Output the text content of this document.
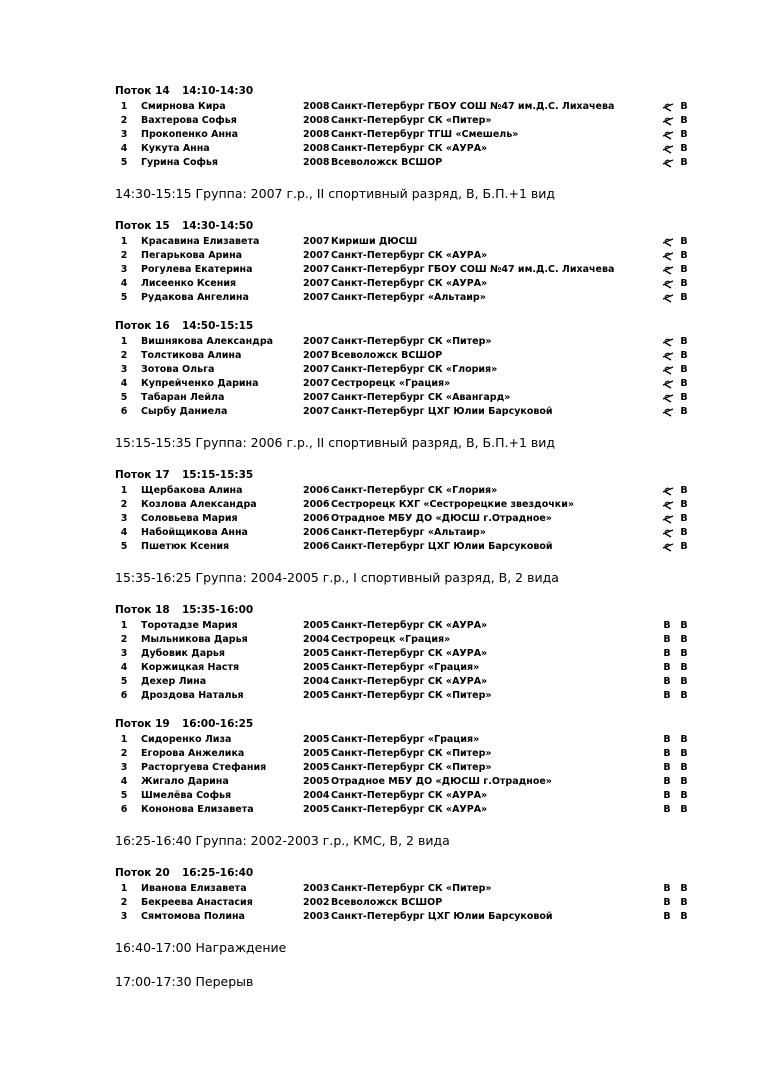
Поток 14 14:10-14:30
1 Смирнова Кира	2008 Санкт-Петербург ГБОУ СОШ №47 им.Д.С. Лихачева	В
2 Вахтерова Софья	2008 Санкт-Петербург СК «Питер»	В
3 Прокопенко Анна	2008 Санкт-Петербург ТГШ «Смешель»	В
4 Кукута Анна	2008 Санкт-Петербург СК «АУРА»	В
5 Гурина Софья	2008 Всеволожск ВСШОР	В
14:30-15:15 Группа: 2007 г.р., II спортивный разряд, В, Б.П.+1 вид
Поток 15 14:30-14:50
1 Красавина Елизавета	2007 Кириши ДЮСШ	В
2 Пегарькова Арина	2007 Санкт-Петербург СК «АУРА»	В
3 Рогулева Екатерина	2007 Санкт-Петербург ГБОУ СОШ №47 им.Д.С. Лихачева	В
4 Лисеенко Ксения	2007 Санкт-Петербург СК «АУРА»	В
5 Рудакова Ангелина	2007 Санкт-Петербург «Альтаир»	В
Поток 16 14:50-15:15
1 Вишнякова Александра	2007 Санкт-Петербург СК «Питер»	В
2 Толстикова Алина	2007 Всеволожск ВСШОР	В
3 Зотова Ольга	2007 Санкт-Петербург СК «Глория»	В
4 Купрейченко Дарина	2007 Сестрорецк «Грация»	В
5 Табаран Лейла	2007 Санкт-Петербург СК «Авангард»	В
6 Сырбу Даниела	2007 Санкт-Петербург ЦХГ Юлии Барсуковой	В
15:15-15:35 Группа: 2006 г.р., II спортивный разряд, В, Б.П.+1 вид
Поток 17 15:15-15:35
1 Щербакова Алина	2006 Санкт-Петербург СК «Глория»	В
2 Козлова Александра	2006 Сестрорецк КХГ «Сестрорецкие звездочки»	В
3 Соловьева Мария	2006 Отрадное МБУ ДО «ДЮСШ г.Отрадное»	В
4 Набойщикова Анна	2006 Санкт-Петербург «Альтаир»	В
5 Пшетюк Ксения	2006 Санкт-Петербург ЦХГ Юлии Барсуковой	В
15:35-16:25 Группа: 2004-2005 г.р., I спортивный разряд, В, 2 вида
Поток 18 15:35-16:00
1 Торотадзе Мария	2005 Санкт-Петербург СК «АУРА»	В В
2 Мыльникова Дарья	2004 Сестрорецк «Грация»	В В
3 Дубовик Дарья	2005 Санкт-Петербург СК «АУРА»	В В
4 Коржицкая Настя	2005 Санкт-Петербург «Грация»	В В
5 Дехер Лина	2004 Санкт-Петербург СК «АУРА»	В В
6 Дроздова Наталья	2005 Санкт-Петербург СК «Питер»	В В
Поток 19 16:00-16:25
1 Сидоренко Лиза	2005 Санкт-Петербург «Грация»	В В
2 Егорова Анжелика	2005 Санкт-Петербург СК «Питер»	В В
3 Расторгуева Стефания	2005 Санкт-Петербург СК «Питер»	В В
4 Жигало Дарина	2005 Отрадное МБУ ДО «ДЮСШ г.Отрадное»	В В
5 Шмелёва Софья	2004 Санкт-Петербург СК «АУРА»	В В
6 Кононова Елизавета	2005 Санкт-Петербург СК «АУРА»	В В
16:25-16:40 Группа: 2002-2003 г.р., КМС, В, 2 вида
Поток 20 16:25-16:40
1 Иванова Елизавета	2003 Санкт-Петербург СК «Питер»	В В
2 Бекреева Анастасия	2002 Всеволожск ВСШОР	В В
3 Сямтомова Полина	2003 Санкт-Петербург ЦХГ Юлии Барсуковой	В В
16:40-17:00 Награждение
17:00-17:30 Перерыв
